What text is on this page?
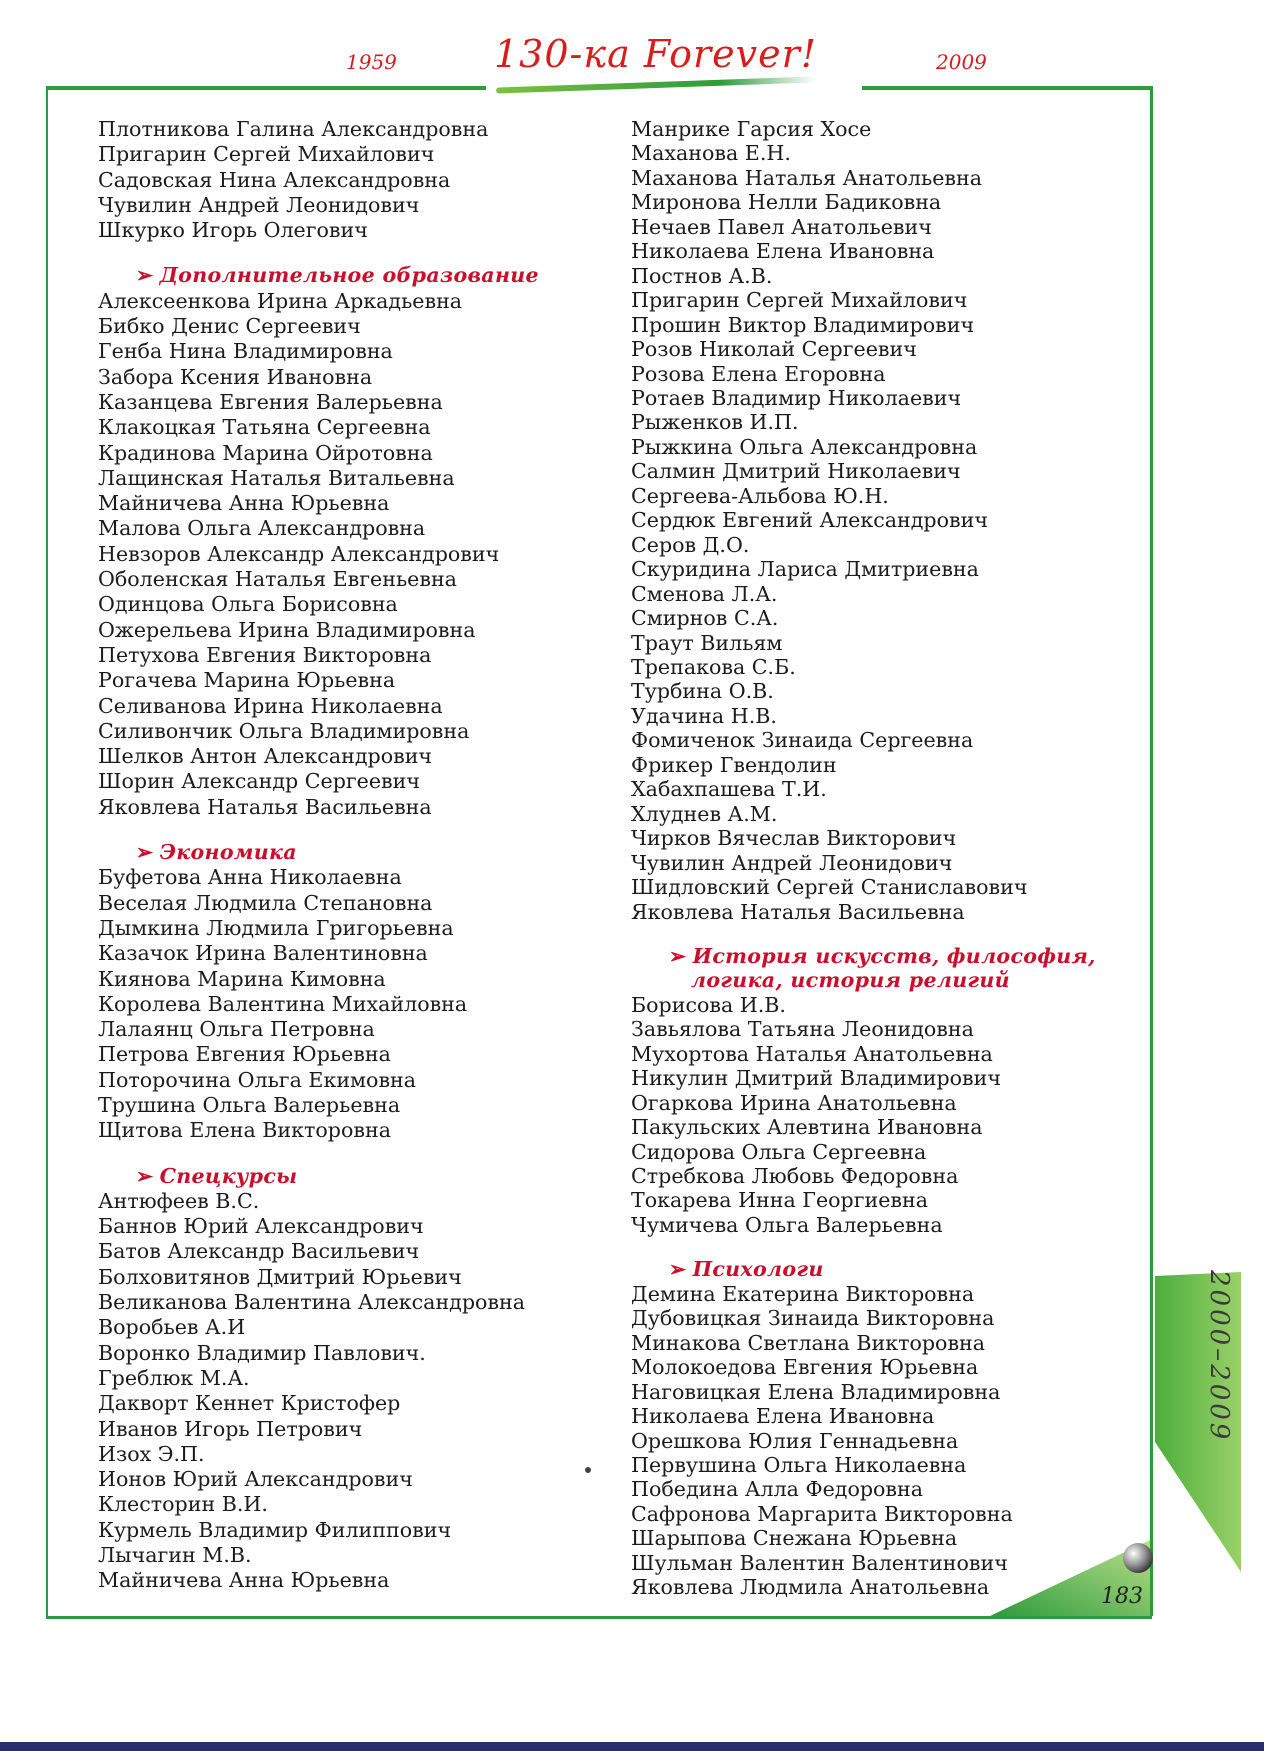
1959	130-ка Forever!	2009
Плотникова Галина Александровна
Пригарин Сергей Михайлович
Садовская Нина Александровна
Чувилин Андрей Леонидович
Шкурко Игорь Олегович
➢ Дополнительное образование
Алексеенкова Ирина Аркадьевна
Бибко Денис Сергеевич
Генба Нина Владимировна
Забора Ксения Ивановна
Казанцева Евгения Валерьевна
Клакоцкая Татьяна Сергеевна
Крадинова Марина Ойротовна
Лащинская Наталья Витальевна
Майничева Анна Юрьевна
Малова Ольга Александровна
Невзоров Александр Александрович
Оболенская Наталья Евгеньевна
Одинцова Ольга Борисовна
Ожерельева Ирина Владимировна
Петухова Евгения Викторовна
Рогачева Марина Юрьевна
Селиванова Ирина Николаевна
Силивончик Ольга Владимировна
Шелков Антон Александрович
Шорин Александр Сергеевич
Яковлева Наталья Васильевна
➢ Экономика
Буфетова Анна Николаевна
Веселая Людмила Степановна
Дымкина Людмила Григорьевна
Казачок Ирина Валентиновна
Киянова Марина Кимовна
Королева Валентина Михайловна
Лалаянц Ольга Петровна
Петрова Евгения Юрьевна
Поторочина Ольга Екимовна
Трушина Ольга Валерьевна
Щитова Елена Викторовна
➢ Спецкурсы
Антюфеев В.С.
Баннов Юрий Александрович
Батов Александр Васильевич
Болховитянов Дмитрий Юрьевич
Великанова Валентина Александровна
Воробьев А.И
Воронко Владимир Павлович.
Греблюк М.А.
Дакворт Кеннет Кристофер
Иванов Игорь Петрович
Изох Э.П.
Ионов Юрий Александрович
Клесторин В.И.
Курмель Владимир Филиппович
Лычагин М.В.
Майничева Анна Юрьевна
Манрике Гарсия Хосе
Маханова Е.Н.
Маханова Наталья Анатольевна
Миронова Нелли Бадиковна
Нечаев Павел Анатольевич
Николаева Елена Ивановна
Постнов А.В.
Пригарин Сергей Михайлович
Прошин Виктор Владимирович
Розов Николай Сергеевич
Розова Елена Егоровна
Ротаев Владимир Николаевич
Рыженков И.П.
Рыжкина Ольга Александровна
Салмин Дмитрий Николаевич
Сергеева-Альбова Ю.Н.
Сердюк Евгений Александрович
Серов Д.О.
Скуридина Лариса Дмитриевна
Сменова Л.А.
Смирнов С.А.
Траут Вильям
Трепакова С.Б.
Турбина О.В.
Удачина Н.В.
Фомиченок Зинаида Сергеевна
Фрикер Гвендолин
Хабахпашева Т.И.
Хлуднев А.М.
Чирков Вячеслав Викторович
Чувилин Андрей Леонидович
Шидловский Сергей Станиславович
Яковлева Наталья Васильевна
➢ История искусств, философия,
логика, история религий
Борисова И.В.
Завьялова Татьяна Леонидовна
Мухортова Наталья Анатольевна
Никулин Дмитрий Владимирович
Огаркова Ирина Анатольевна
Пакульских Алевтина Ивановна
Сидорова Ольга Сергеевна
Стребкова Любовь Федоровна
Токарева Инна Георгиевна
Чумичева Ольга Валерьевна
➢ Психологи
Демина Екатерина Викторовна
Дубовицкая Зинаида Викторовна
Минакова Светлана Викторовна
Молокоедова Евгения Юрьевна
Наговицкая Елена Владимировна
Николаева Елена Ивановна
Орешкова Юлия Геннадьевна
Первушина Ольга Николаевна
Победина Алла Федоровна
Сафронова Маргарита Викторовна
Шарыпова Снежана Юрьевна
Шульман Валентин Валентинович
Яковлева Людмила Анатольевна
2000–2009
183
